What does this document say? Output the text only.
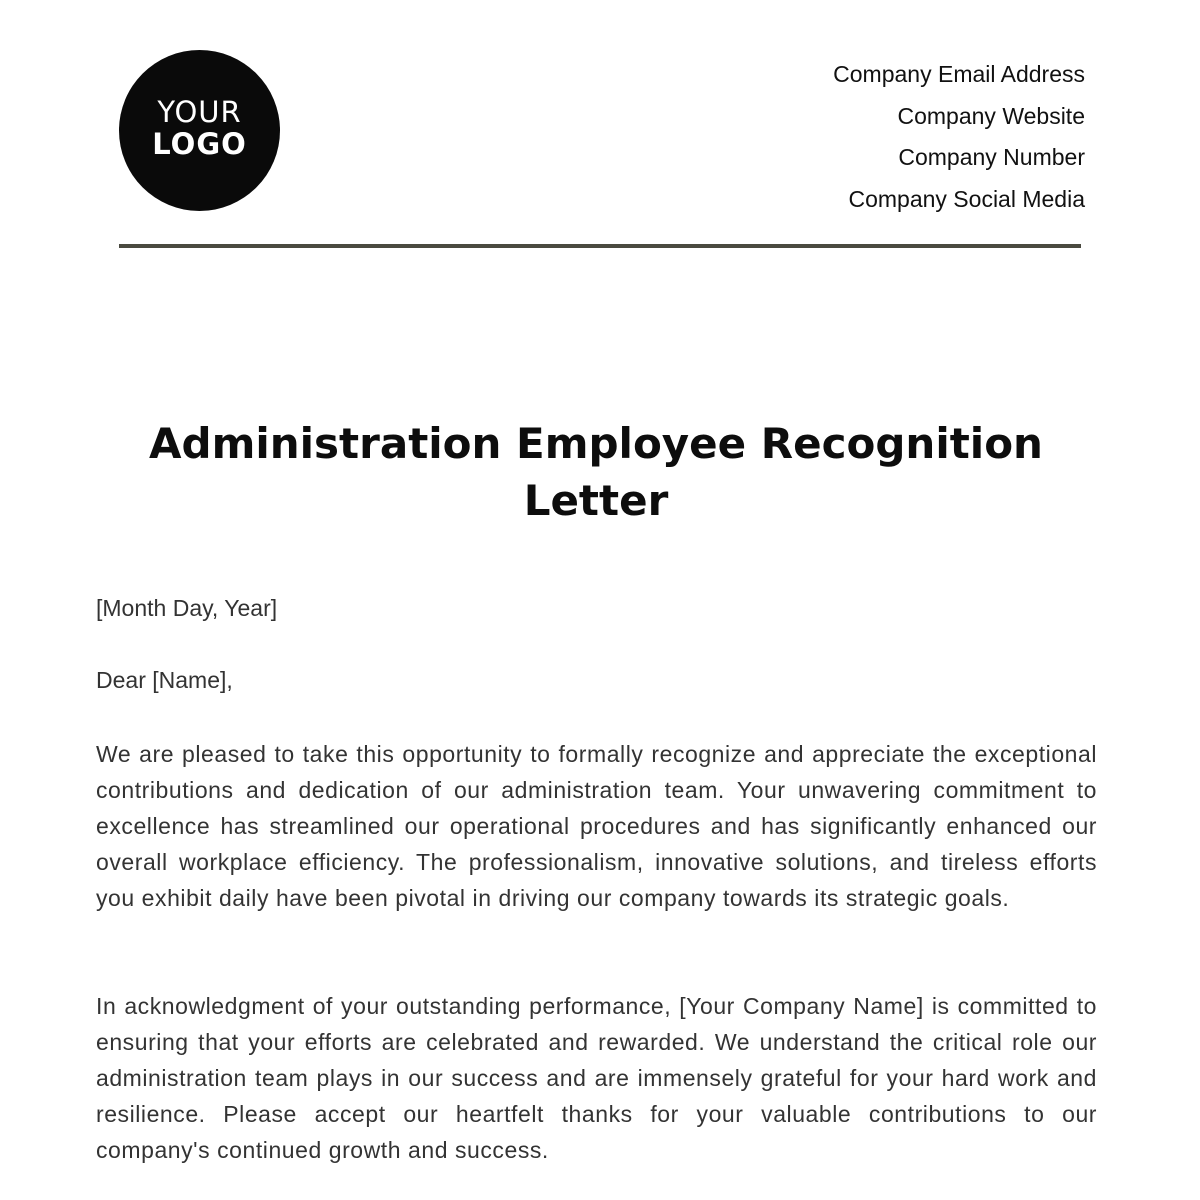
YOUR
LOGO
Company Email Address
Company Website
Company Number
Company Social Media
Administration Employee Recognition Letter
[Month Day, Year]
Dear [Name],

We are pleased to take this opportunity to formally recognize and appreciate the exceptional contributions and dedication of our administration team. Your unwavering commitment to excellence has streamlined our operational procedures and has significantly enhanced our overall workplace efficiency. The professionalism, innovative solutions, and tireless efforts you exhibit daily have been pivotal in driving our company towards its strategic goals.

In acknowledgment of your outstanding performance, [Your Company Name] is committed to ensuring that your efforts are celebrated and rewarded. We understand the critical role our administration team plays in our success and are immensely grateful for your hard work and resilience. Please accept our heartfelt thanks for your valuable contributions to our company's continued growth and success.
